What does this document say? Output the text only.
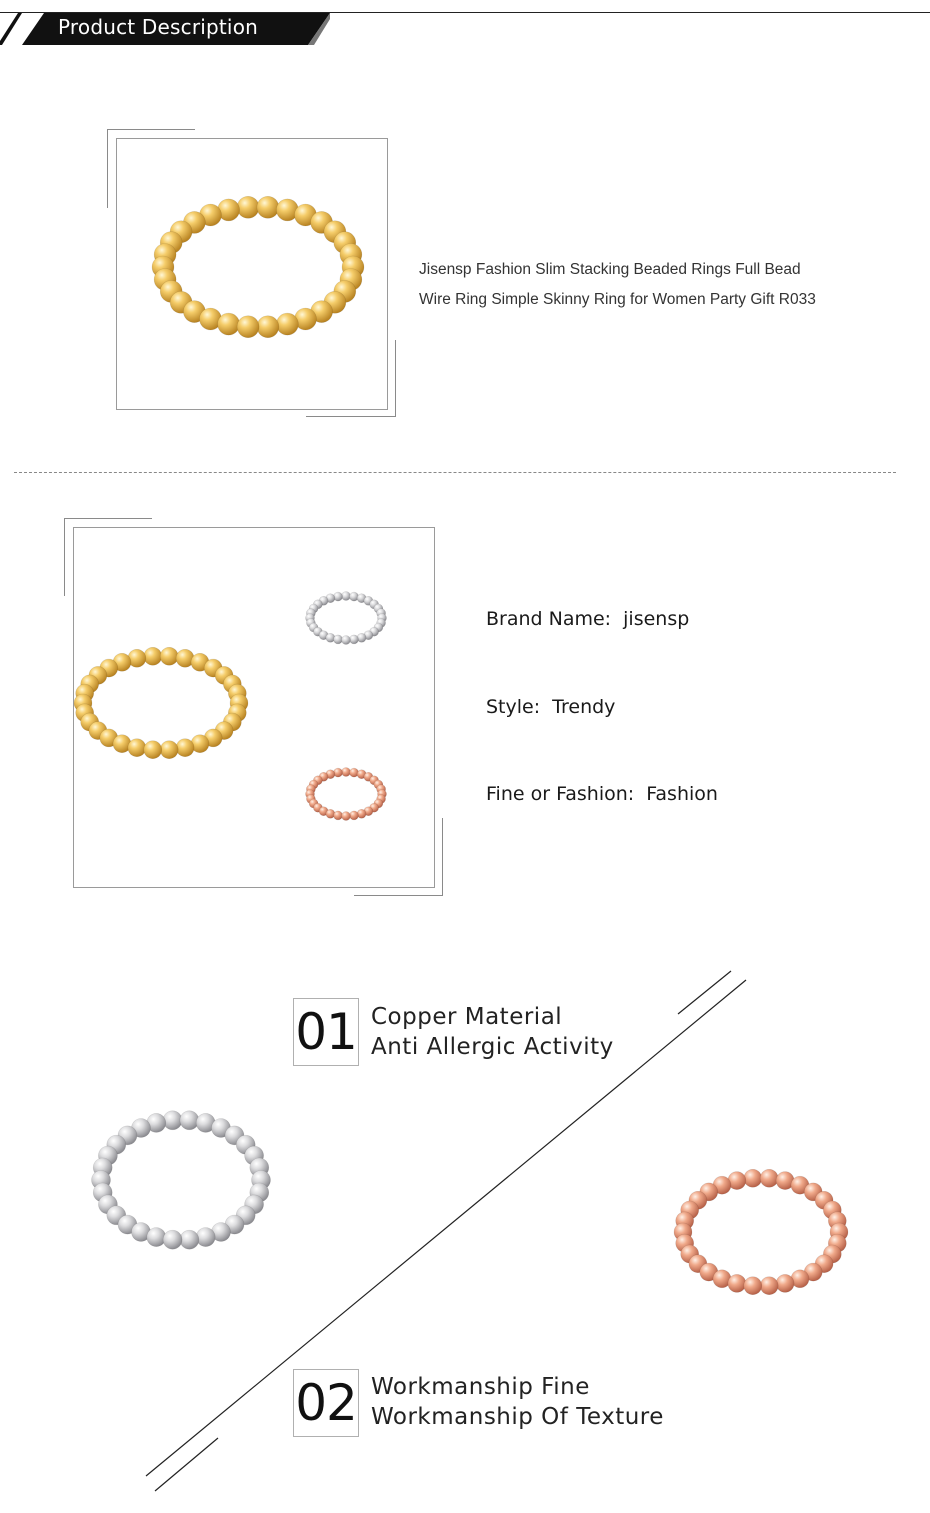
Product Description
Jisensp Fashion Slim Stacking Beaded Rings Full Bead
Wire Ring Simple Skinny Ring for Women Party Gift R033
Brand Name: jisensp
Style: Trendy
Fine or Fashion: Fashion
01 Copper Material
Anti Allergic Activity
02 Workmanship Fine
Workmanship Of Texture
